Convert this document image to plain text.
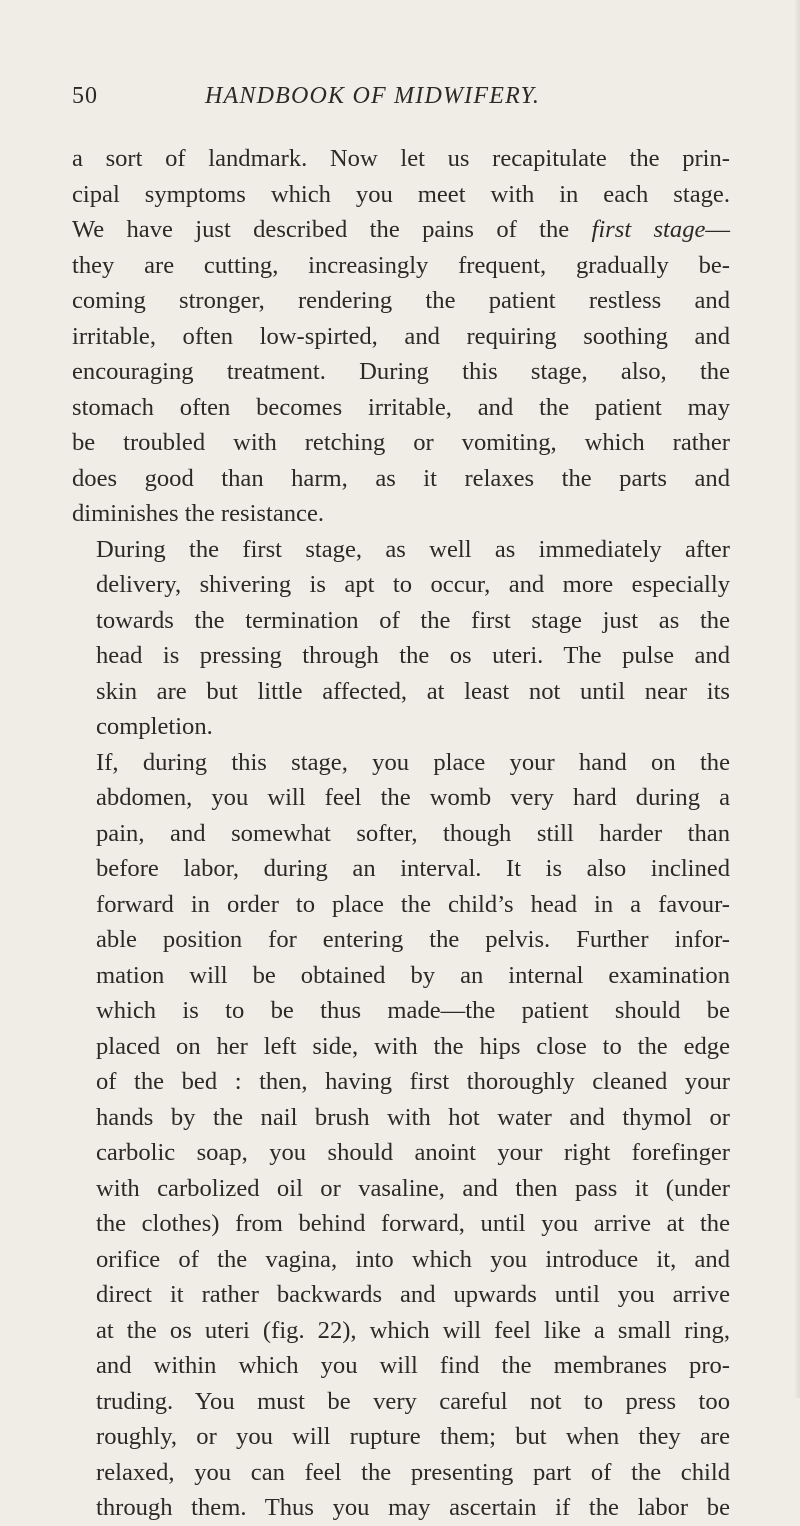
50	HANDBOOK OF MIDWIFERY.

a sort of landmark. Now let us recapitulate the prin-
cipal symptoms which you meet with in each stage.
We have just described the pains of the first stage—
they are cutting, increasingly frequent, gradually be-
coming stronger, rendering the patient restless and
irritable, often low-spirted, and requiring soothing and
encouraging treatment. During this stage, also, the
stomach often becomes irritable, and the patient may
be troubled with retching or vomiting, which rather
does good than harm, as it relaxes the parts and
diminishes the resistance.

During the first stage, as well as immediately after
delivery, shivering is apt to occur, and more especially
towards the termination of the first stage just as the
head is pressing through the os uteri. The pulse and
skin are but little affected, at least not until near its
completion.

If, during this stage, you place your hand on the
abdomen, you will feel the womb very hard during a
pain, and somewhat softer, though still harder than
before labor, during an interval. It is also inclined
forward in order to place the child’s head in a favour-
able position for entering the pelvis. Further infor-
mation will be obtained by an internal examination
which is to be thus made—the patient should be
placed on her left side, with the hips close to the edge
of the bed : then, having first thoroughly cleaned your
hands by the nail brush with hot water and thymol or
carbolic soap, you should anoint your right forefinger
with carbolized oil or vasaline, and then pass it (under
the clothes) from behind forward, until you arrive at the
orifice of the vagina, into which you introduce it, and
direct it rather backwards and upwards until you arrive
at the os uteri (fig. 22), which will feel like a small ring,
and within which you will find the membranes pro-
truding. You must be very careful not to press too
roughly, or you will rupture them; but when they are
relaxed, you can feel the presenting part of the child
through them. Thus you may ascertain if the labor be
